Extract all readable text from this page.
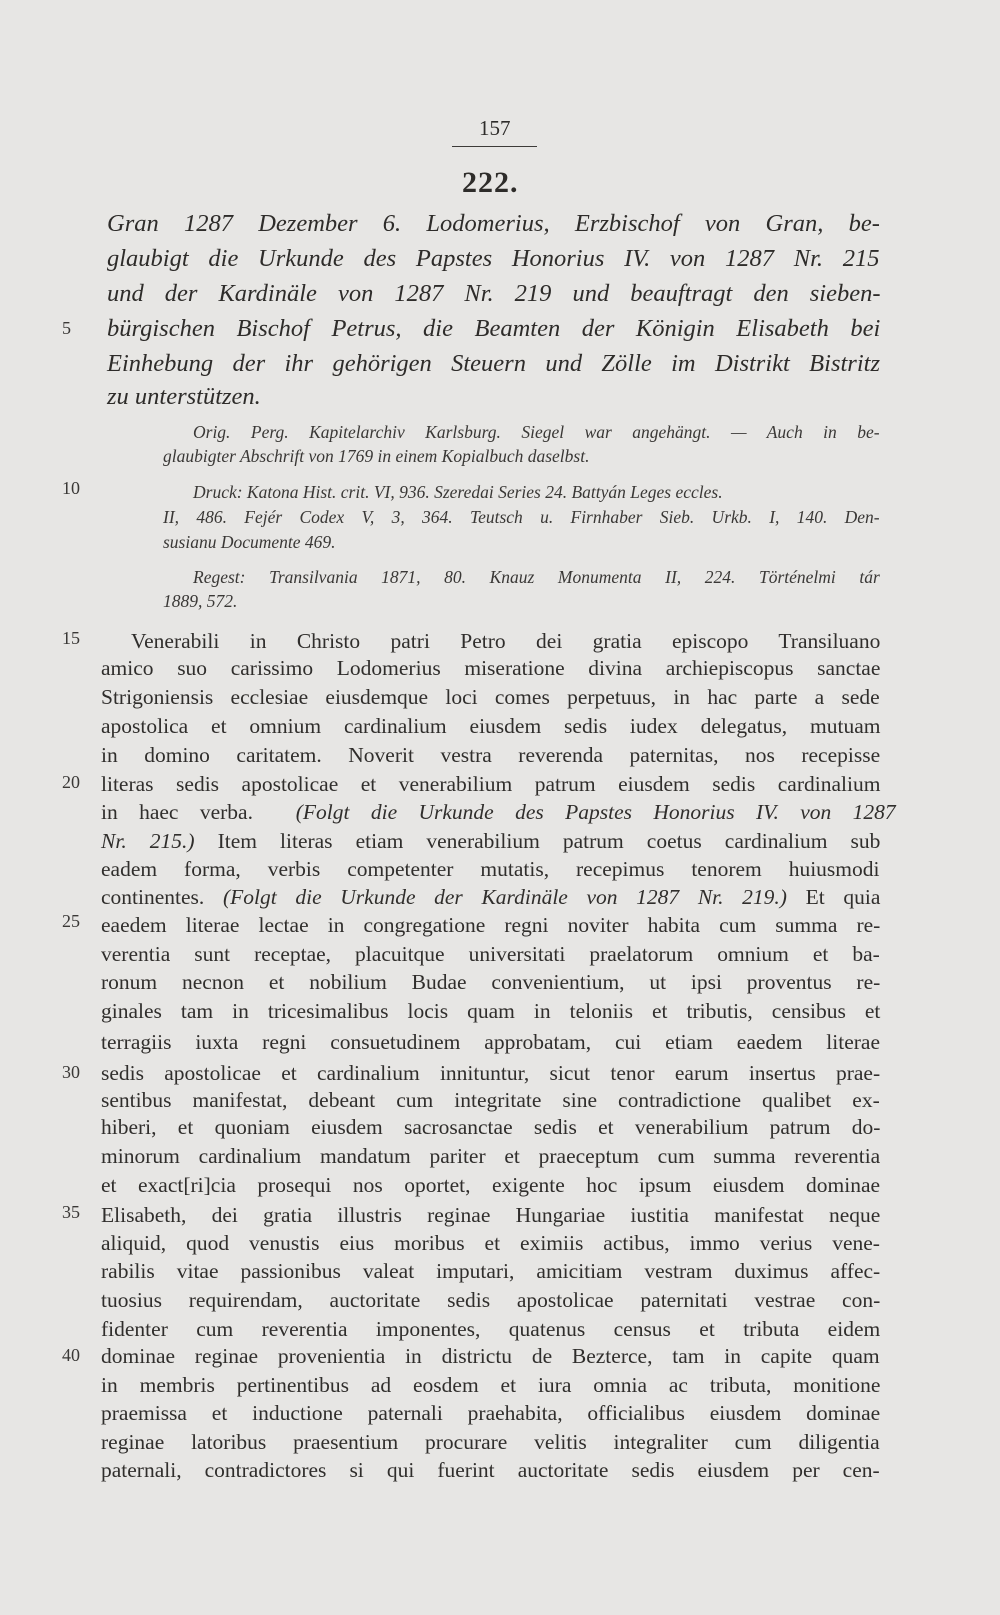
157
222.
Gran 1287 Dezember 6. Lodomerius, Erzbischof von Gran, be-
glaubigt die Urkunde des Papstes Honorius IV. von 1287 Nr. 215
und der Kardinäle von 1287 Nr. 219 und beauftragt den sieben-
bürgischen Bischof Petrus, die Beamten der Königin Elisabeth bei
Einhebung der ihr gehörigen Steuern und Zölle im Distrikt Bistritz
zu unterstützen.
Orig. Perg. Kapitelarchiv Karlsburg. Siegel war angehängt. — Auch in be-
glaubigter Abschrift von 1769 in einem Kopialbuch daselbst.
Druck: Katona Hist. crit. VI, 936. Szeredai Series 24. Battyán Leges eccles.
II, 486. Fejér Codex V, 3, 364. Teutsch u. Firnhaber Sieb. Urkb. I, 140. Den-
susianu Documente 469.
Regest: Transilvania 1871, 80. Knauz Monumenta II, 224. Történelmi tár
1889, 572.
5
10
15
20
25
30
35
40
Venerabili in Christo patri Petro dei gratia episcopo Transiluano
amico suo carissimo Lodomerius miseratione divina archiepiscopus sanctae
Strigoniensis ecclesiae eiusdemque loci comes perpetuus, in hac parte a sede
apostolica et omnium cardinalium eiusdem sedis iudex delegatus, mutuam
in domino caritatem. Noverit vestra reverenda paternitas, nos recepisse
literas sedis apostolicae et venerabilium patrum eiusdem sedis cardinalium
in haec verba. (Folgt die Urkunde des Papstes Honorius IV. von 1287
Nr. 215.) Item literas etiam venerabilium patrum coetus cardinalium sub
eadem forma, verbis competenter mutatis, recepimus tenorem huiusmodi
continentes. (Folgt die Urkunde der Kardinäle von 1287 Nr. 219.) Et quia
eaedem literae lectae in congregatione regni noviter habita cum summa re-
verentia sunt receptae, placuitque universitati praelatorum omnium et ba-
ronum necnon et nobilium Budae convenientium, ut ipsi proventus re-
ginales tam in tricesimalibus locis quam in teloniis et tributis, censibus et
terragiis iuxta regni consuetudinem approbatam, cui etiam eaedem literae
sedis apostolicae et cardinalium innituntur, sicut tenor earum insertus prae-
sentibus manifestat, debeant cum integritate sine contradictione qualibet ex-
hiberi, et quoniam eiusdem sacrosanctae sedis et venerabilium patrum do-
minorum cardinalium mandatum pariter et praeceptum cum summa reverentia
et exact[ri]cia prosequi nos oportet, exigente hoc ipsum eiusdem dominae
Elisabeth, dei gratia illustris reginae Hungariae iustitia manifestat neque
aliquid, quod venustis eius moribus et eximiis actibus, immo verius vene-
rabilis vitae passionibus valeat imputari, amicitiam vestram duximus affec-
tuosius requirendam, auctoritate sedis apostolicae paternitati vestrae con-
fidenter cum reverentia imponentes, quatenus census et tributa eidem
dominae reginae provenientia in districtu de Bezterce, tam in capite quam
in membris pertinentibus ad eosdem et iura omnia ac tributa, monitione
praemissa et inductione paternali praehabita, officialibus eiusdem dominae
reginae latoribus praesentium procurare velitis integraliter cum diligentia
paternali, contradictores si qui fuerint auctoritate sedis eiusdem per cen-
